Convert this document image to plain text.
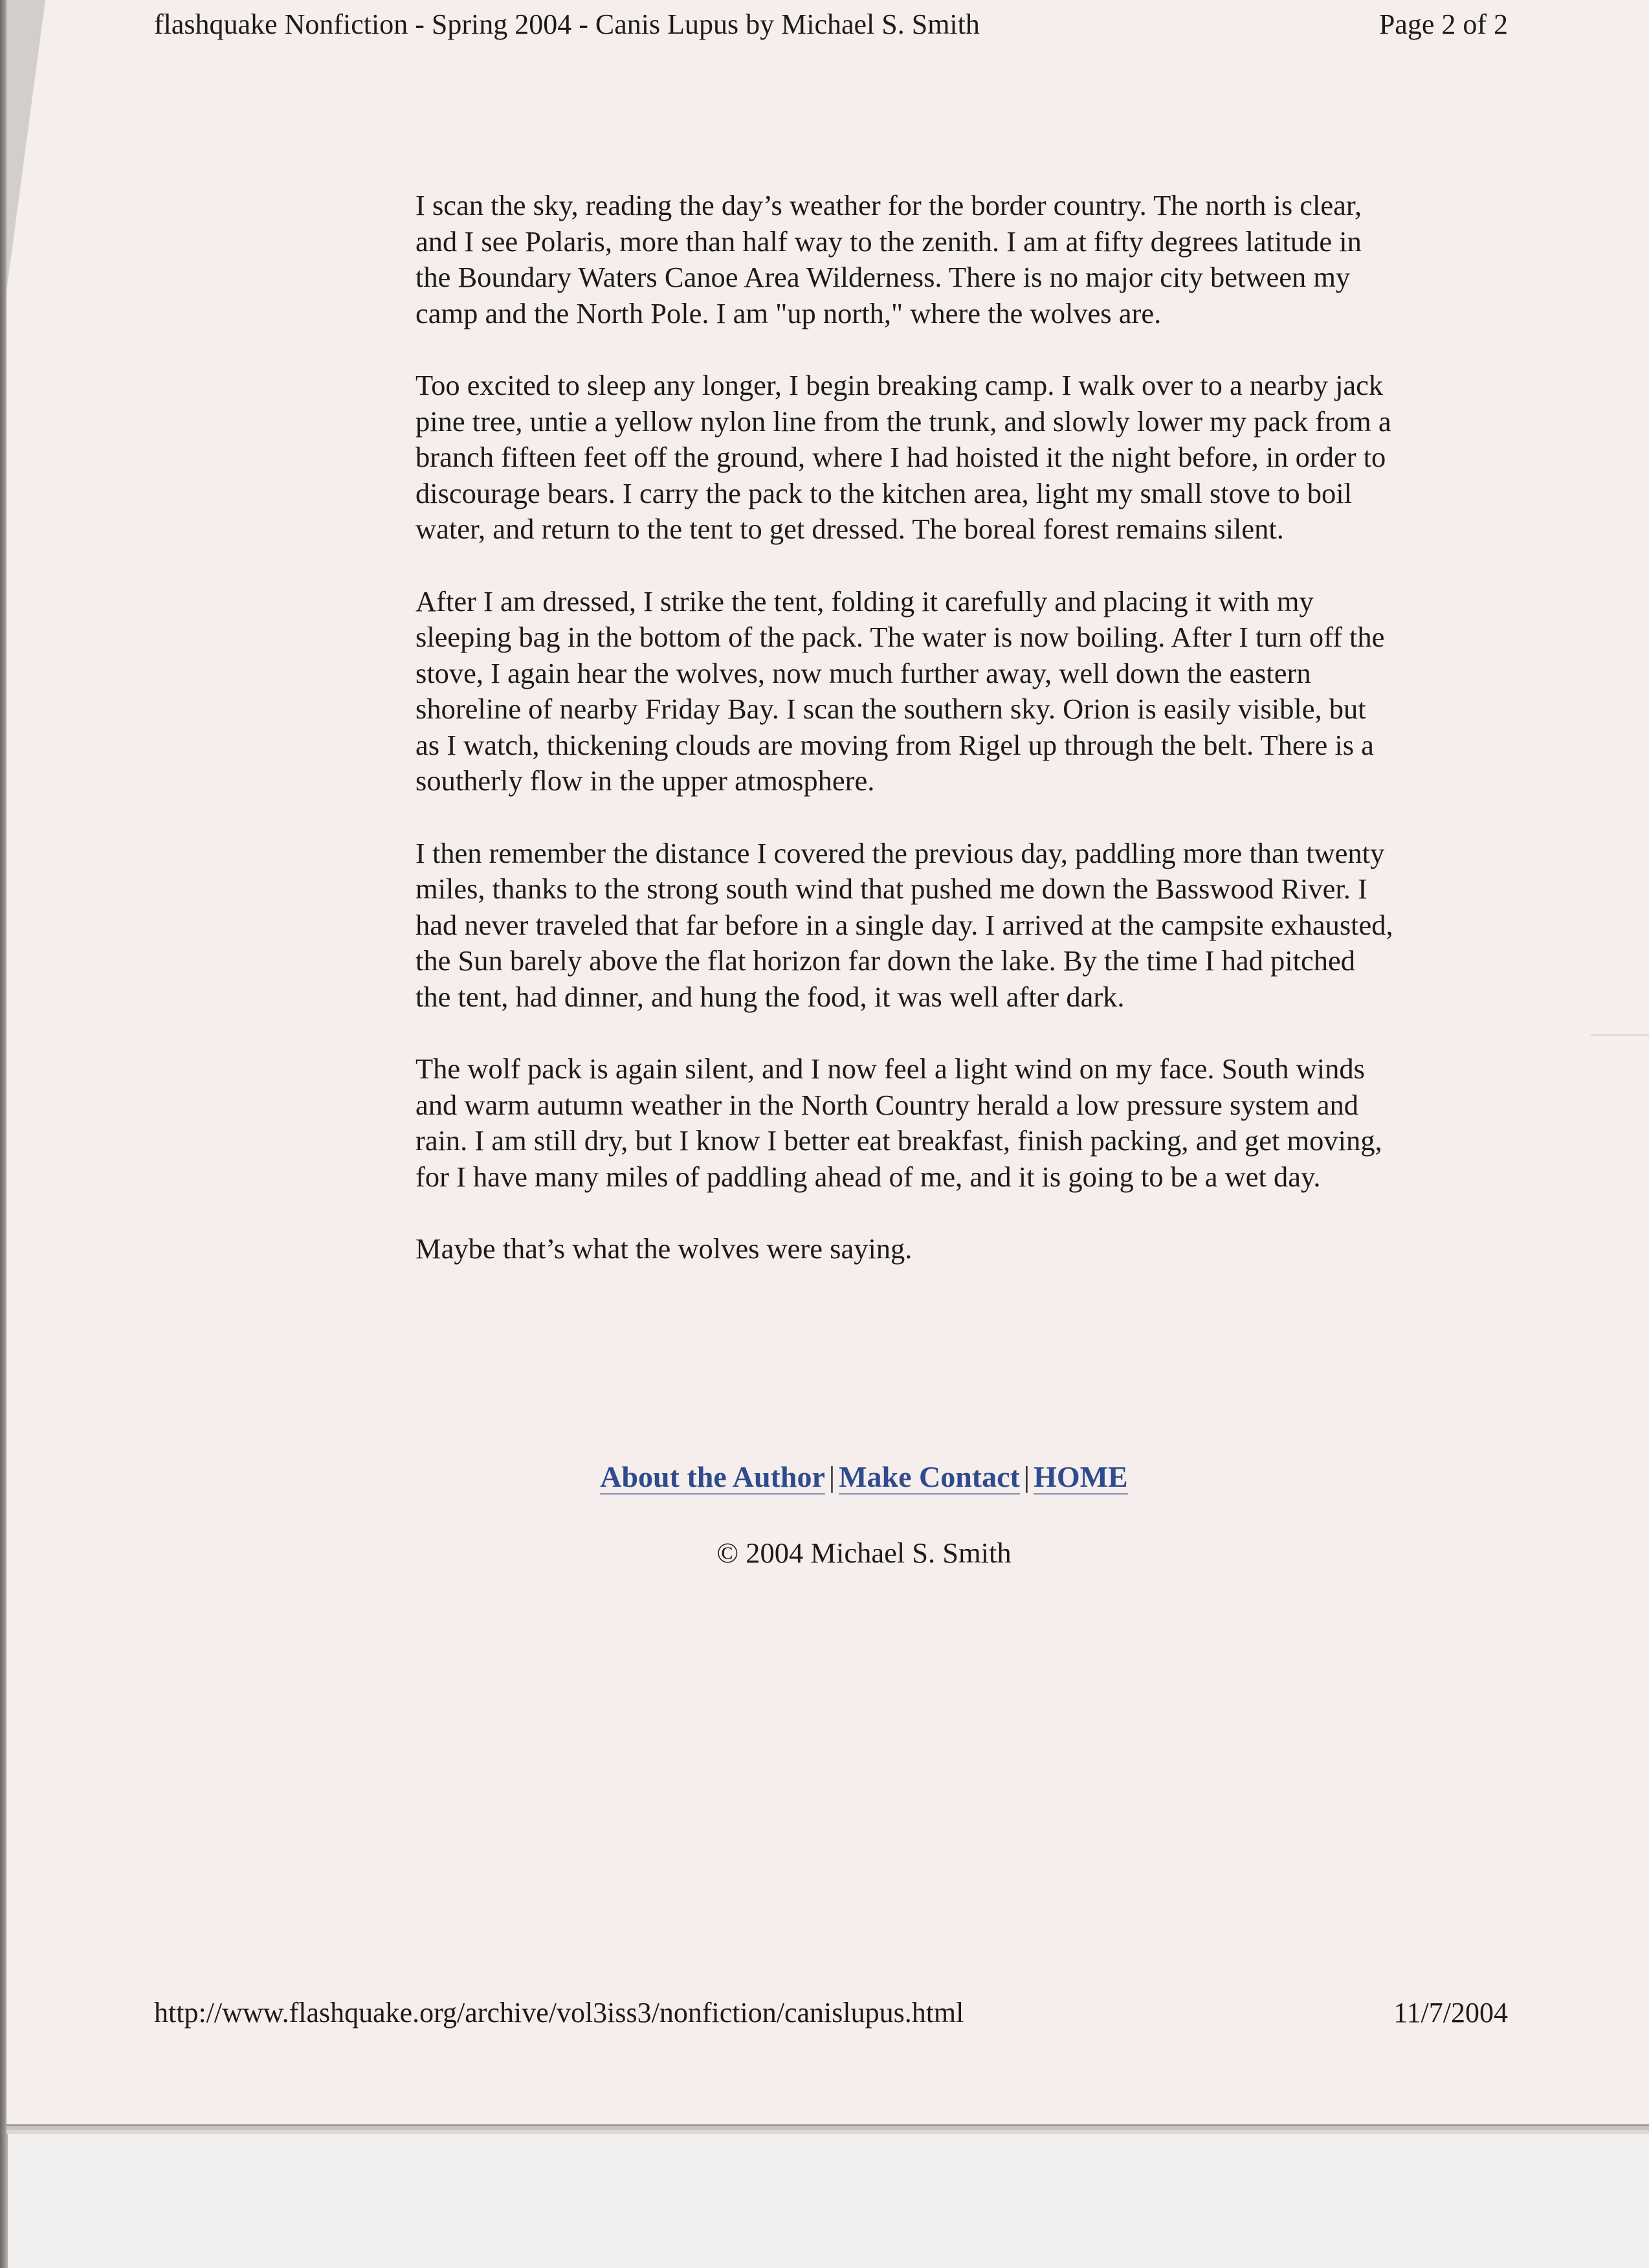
flashquake Nonfiction - Spring 2004 - Canis Lupus by Michael S. Smith	Page 2 of 2

I scan the sky, reading the day’s weather for the border country. The north is clear,
and I see Polaris, more than half way to the zenith. I am at fifty degrees latitude in
the Boundary Waters Canoe Area Wilderness. There is no major city between my
camp and the North Pole. I am "up north," where the wolves are.

Too excited to sleep any longer, I begin breaking camp. I walk over to a nearby jack
pine tree, untie a yellow nylon line from the trunk, and slowly lower my pack from a
branch fifteen feet off the ground, where I had hoisted it the night before, in order to
discourage bears. I carry the pack to the kitchen area, light my small stove to boil
water, and return to the tent to get dressed. The boreal forest remains silent.

After I am dressed, I strike the tent, folding it carefully and placing it with my
sleeping bag in the bottom of the pack. The water is now boiling. After I turn off the
stove, I again hear the wolves, now much further away, well down the eastern
shoreline of nearby Friday Bay. I scan the southern sky. Orion is easily visible, but
as I watch, thickening clouds are moving from Rigel up through the belt. There is a
southerly flow in the upper atmosphere.

I then remember the distance I covered the previous day, paddling more than twenty
miles, thanks to the strong south wind that pushed me down the Basswood River. I
had never traveled that far before in a single day. I arrived at the campsite exhausted,
the Sun barely above the flat horizon far down the lake. By the time I had pitched
the tent, had dinner, and hung the food, it was well after dark.

The wolf pack is again silent, and I now feel a light wind on my face. South winds
and warm autumn weather in the North Country herald a low pressure system and
rain. I am still dry, but I know I better eat breakfast, finish packing, and get moving,
for I have many miles of paddling ahead of me, and it is going to be a wet day.

Maybe that’s what the wolves were saying.

About the Author | Make Contact | HOME
© 2004 Michael S. Smith
http://www.flashquake.org/archive/vol3iss3/nonfiction/canislupus.html	11/7/2004
